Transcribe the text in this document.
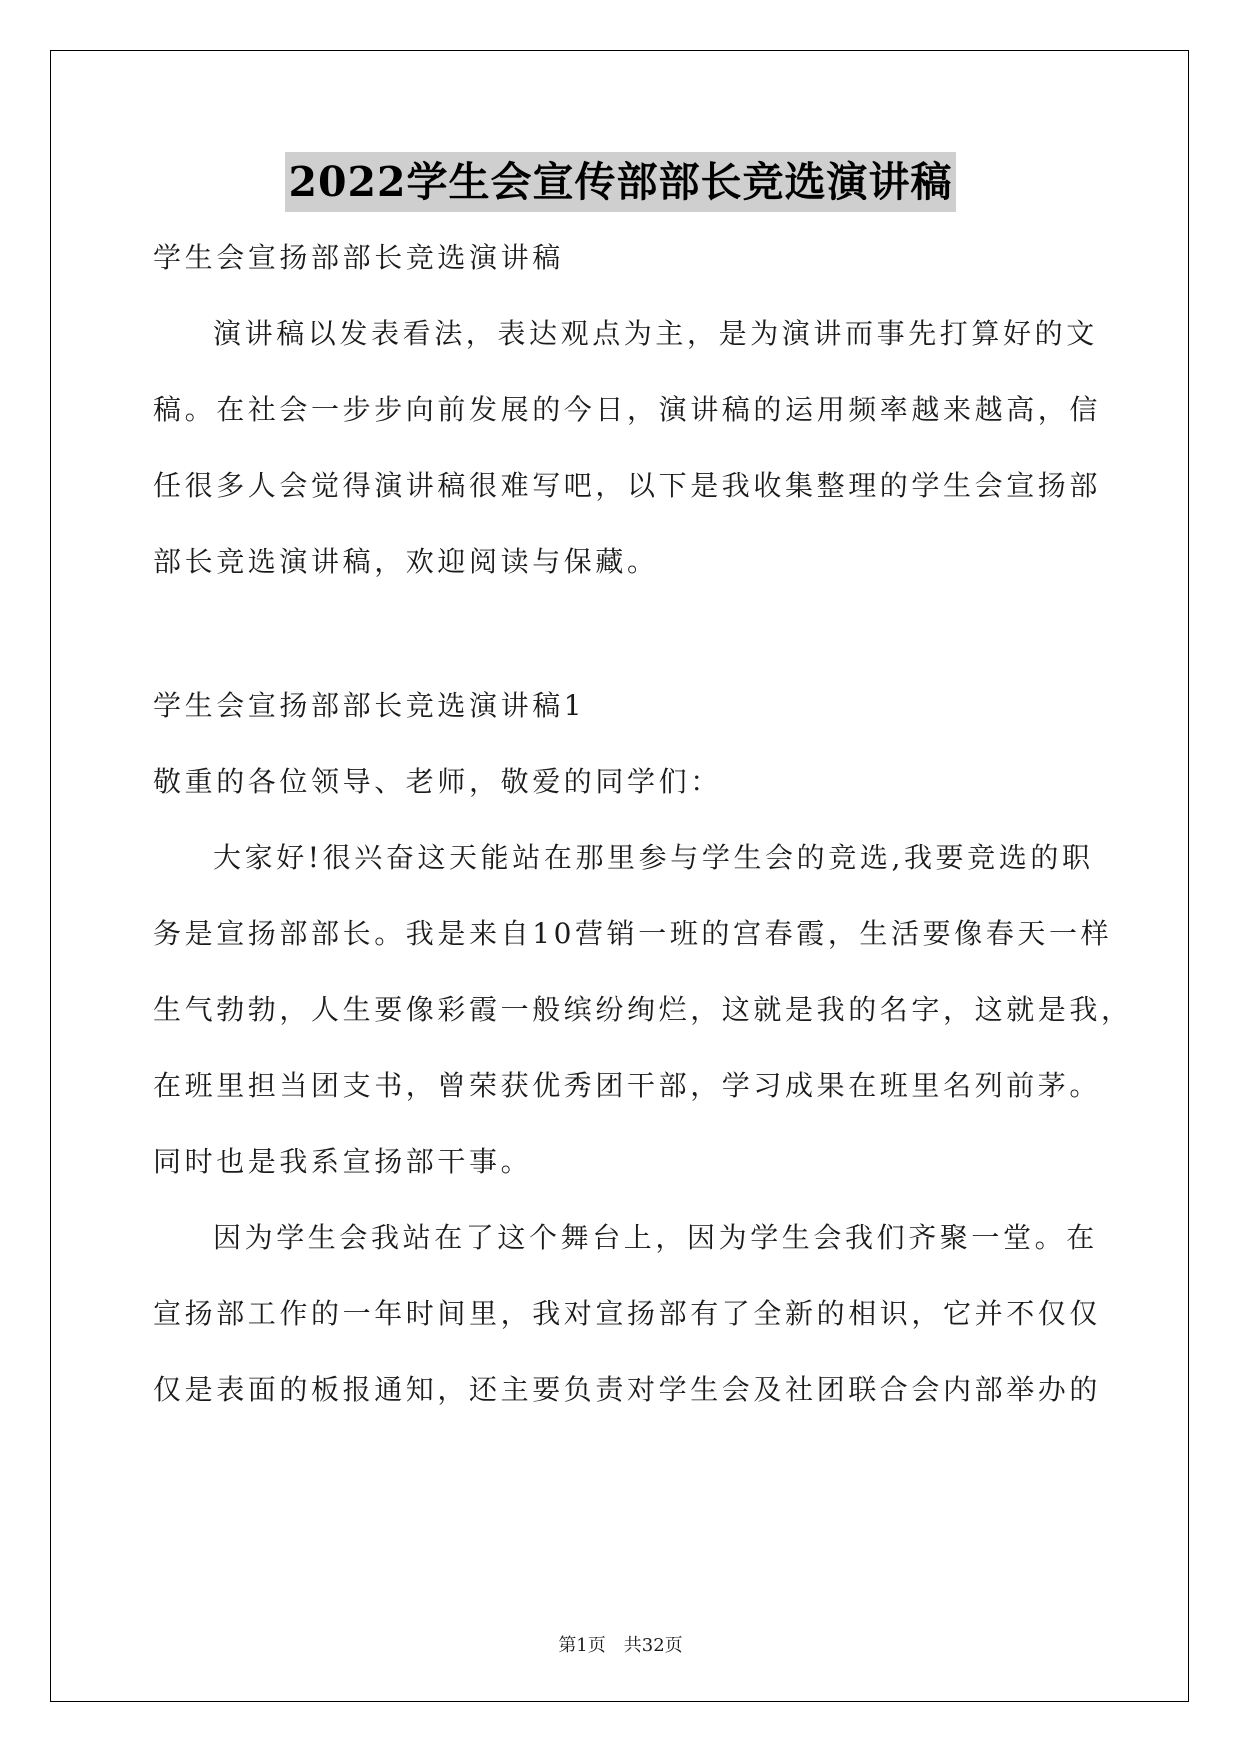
2022学生会宣传部部长竞选演讲稿
学生会宣扬部部长竞选演讲稿
演讲稿以发表看法，表达观点为主，是为演讲而事先打算好的文
稿。在社会一步步向前发展的今日，演讲稿的运用频率越来越高，信
任很多人会觉得演讲稿很难写吧，以下是我收集整理的学生会宣扬部
部长竞选演讲稿，欢迎阅读与保藏。
学生会宣扬部部长竞选演讲稿1
敬重的各位领导、老师，敬爱的同学们：
大家好!很兴奋这天能站在那里参与学生会的竞选,我要竞选的职
务是宣扬部部长。我是来自10营销一班的宫春霞，生活要像春天一样
生气勃勃，人生要像彩霞一般缤纷绚烂，这就是我的名字，这就是我，
在班里担当团支书，曾荣获优秀团干部，学习成果在班里名列前茅。
同时也是我系宣扬部干事。
因为学生会我站在了这个舞台上，因为学生会我们齐聚一堂。在
宣扬部工作的一年时间里，我对宣扬部有了全新的相识，它并不仅仅
仅是表面的板报通知，还主要负责对学生会及社团联合会内部举办的
第1页　共32页
